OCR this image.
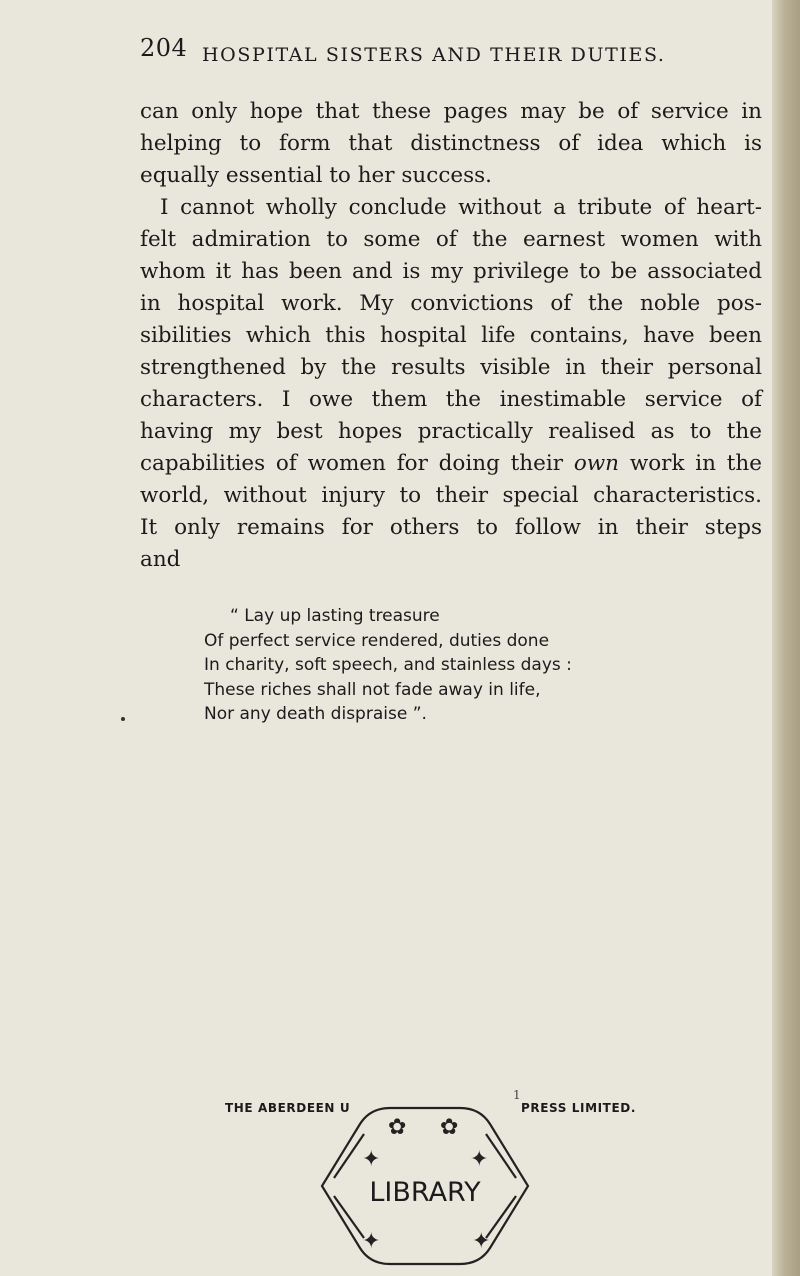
204 HOSPITAL SISTERS AND THEIR DUTIES.
can only hope that these pages may be of service in
helping to form that distinctness of idea which is
equally essential to her success.
I cannot wholly conclude without a tribute of heart-
felt admiration to some of the earnest women with
whom it has been and is my privilege to be associated
in hospital work. My convictions of the noble pos-
sibilities which this hospital life contains, have been
strengthened by the results visible in their personal
characters. I owe them the inestimable service of
having my best hopes practically realised as to the
capabilities of women for doing their own work in the
world, without injury to their special characteristics.
It only remains for others to follow in their steps
and
“ Lay up lasting treasure
Of perfect service rendered, duties done
In charity, soft speech, and stainless days :
These riches shall not fade away in life,
Nor any death dispraise ”.
1
THE ABERDEEN U	PRESS LIMITED.
✿ ✿
✦	✦
✦	✦
LIBRARY
